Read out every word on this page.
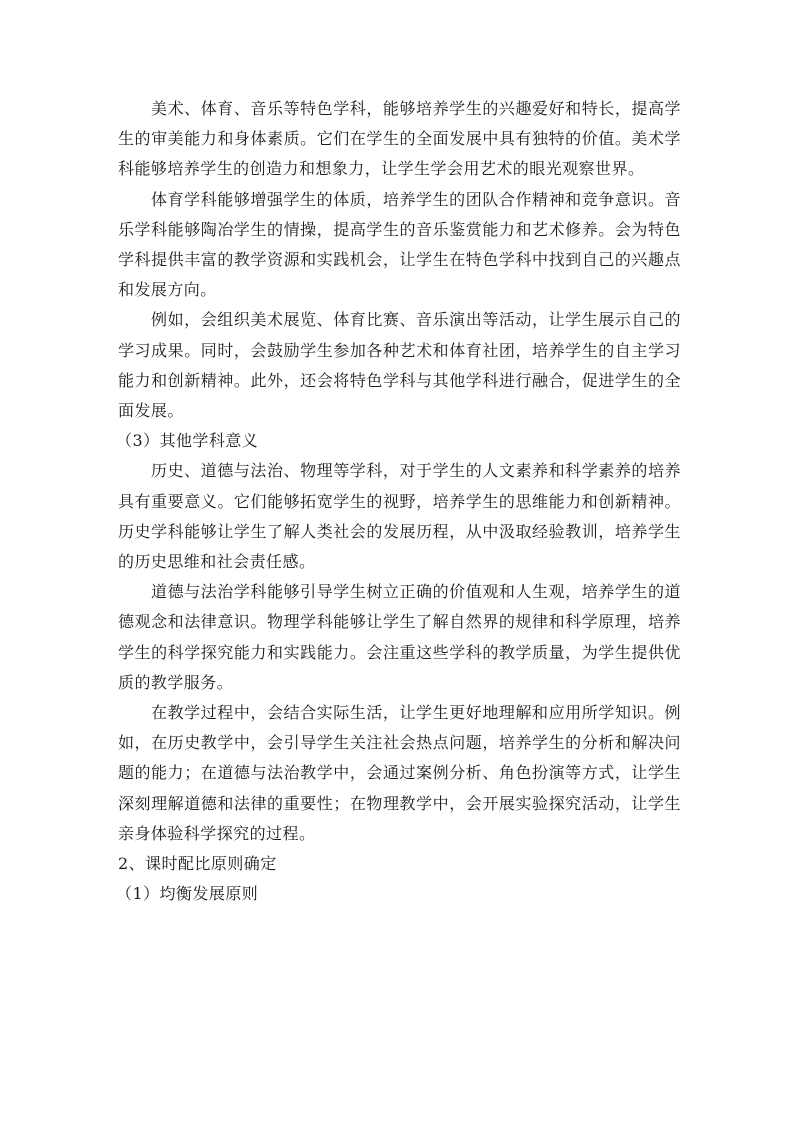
美术、体育、音乐等特色学科，能够培养学生的兴趣爱好和特长，提高学生的审美能力和身体素质。它们在学生的全面发展中具有独特的价值。美术学科能够培养学生的创造力和想象力，让学生学会用艺术的眼光观察世界。

体育学科能够增强学生的体质，培养学生的团队合作精神和竞争意识。音乐学科能够陶冶学生的情操，提高学生的音乐鉴赏能力和艺术修养。会为特色学科提供丰富的教学资源和实践机会，让学生在特色学科中找到自己的兴趣点和发展方向。

例如，会组织美术展览、体育比赛、音乐演出等活动，让学生展示自己的学习成果。同时，会鼓励学生参加各种艺术和体育社团，培养学生的自主学习能力和创新精神。此外，还会将特色学科与其他学科进行融合，促进学生的全面发展。

（3）其他学科意义

历史、道德与法治、物理等学科，对于学生的人文素养和科学素养的培养具有重要意义。它们能够拓宽学生的视野，培养学生的思维能力和创新精神。历史学科能够让学生了解人类社会的发展历程，从中汲取经验教训，培养学生的历史思维和社会责任感。

道德与法治学科能够引导学生树立正确的价值观和人生观，培养学生的道德观念和法律意识。物理学科能够让学生了解自然界的规律和科学原理，培养学生的科学探究能力和实践能力。会注重这些学科的教学质量，为学生提供优质的教学服务。

在教学过程中，会结合实际生活，让学生更好地理解和应用所学知识。例如，在历史教学中，会引导学生关注社会热点问题，培养学生的分析和解决问题的能力；在道德与法治教学中，会通过案例分析、角色扮演等方式，让学生深刻理解道德和法律的重要性；在物理教学中，会开展实验探究活动，让学生亲身体验科学探究的过程。

2、课时配比原则确定

（1）均衡发展原则
